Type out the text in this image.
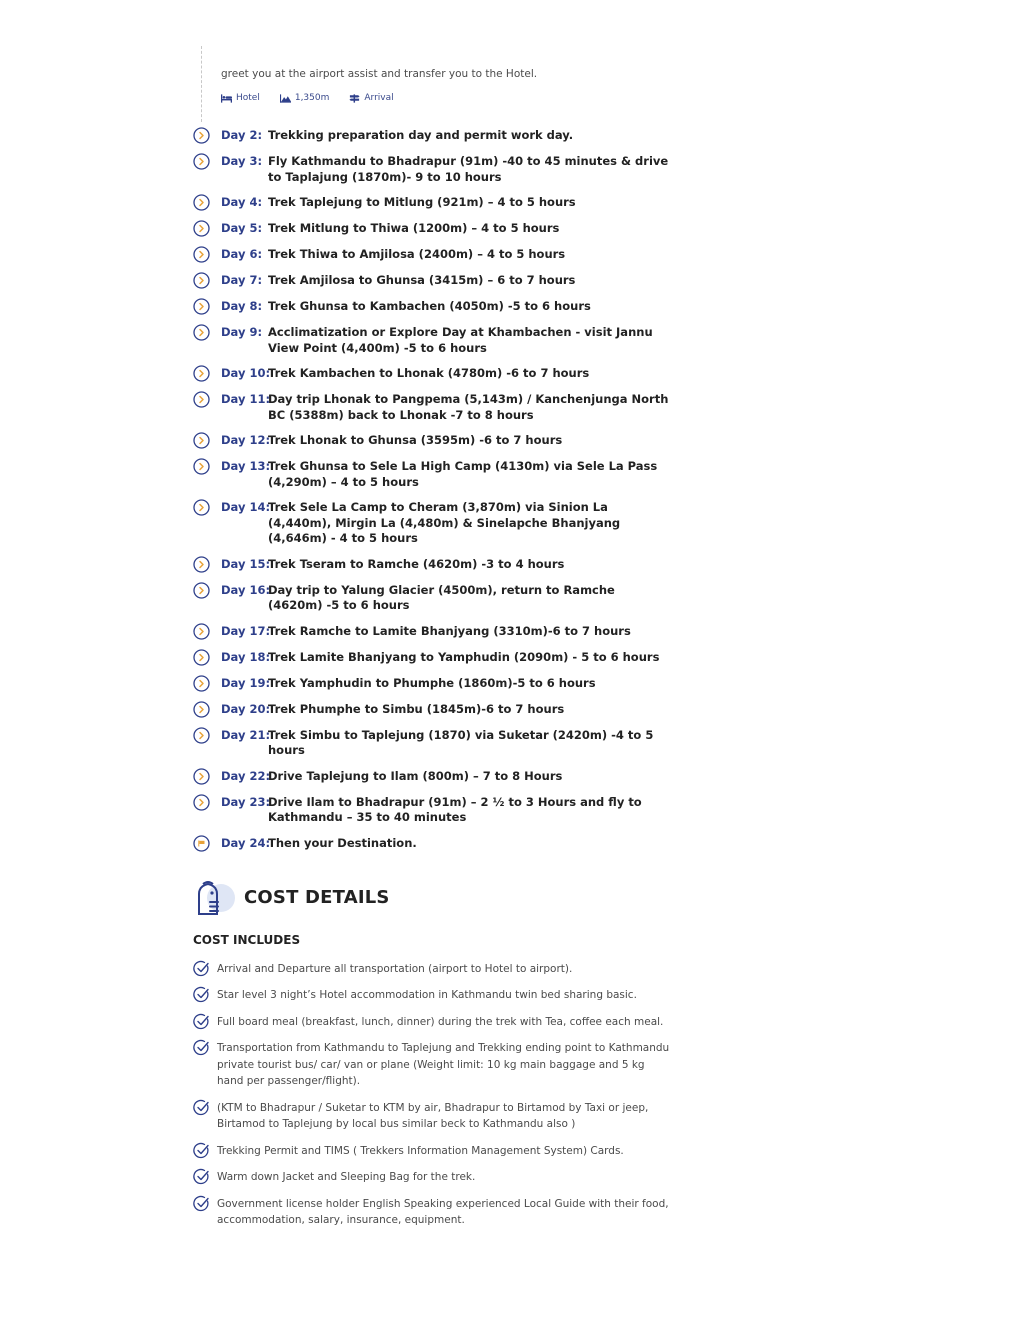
greet you at the airport assist and transfer you to the Hotel.
Hotel	1,350m	Arrival
Day 2: Trekking preparation day and permit work day.
Day 3: Fly Kathmandu to Bhadrapur (91m) -40 to 45 minutes & drive to Taplajung (1870m)- 9 to 10 hours
Day 4: Trek Taplejung to Mitlung (921m) – 4 to 5 hours
Day 5: Trek Mitlung to Thiwa (1200m) – 4 to 5 hours
Day 6: Trek Thiwa to Amjilosa (2400m) – 4 to 5 hours
Day 7: Trek Amjilosa to Ghunsa (3415m) – 6 to 7 hours
Day 8: Trek Ghunsa to Kambachen (4050m) -5 to 6 hours
Day 9: Acclimatization or Explore Day at Khambachen - visit Jannu View Point (4,400m) -5 to 6 hours
Day 10:
Trek Kambachen to Lhonak (4780m) -6 to 7 hours
Day 11:
Day trip Lhonak to Pangpema (5,143m) / Kanchenjunga North BC (5388m) back to Lhonak -7 to 8 hours
Day 12:
Trek Lhonak to Ghunsa (3595m) -6 to 7 hours
Day 13:
Trek Ghunsa to Sele La High Camp (4130m) via Sele La Pass (4,290m) – 4 to 5 hours
Day 14:
Trek Sele La Camp to Cheram (3,870m) via Sinion La (4,440m), Mirgin La (4,480m) & Sinelapche Bhanjyang (4,646m) - 4 to 5 hours
Day 15:
Trek Tseram to Ramche (4620m) -3 to 4 hours
Day 16:
Day trip to Yalung Glacier (4500m), return to Ramche (4620m) -5 to 6 hours
Day 17:
Trek Ramche to Lamite Bhanjyang (3310m)-6 to 7 hours
Day 18:
Trek Lamite Bhanjyang to Yamphudin (2090m) - 5 to 6 hours
Day 19:
Trek Yamphudin to Phumphe (1860m)-5 to 6 hours
Day 20:
Trek Phumphe to Simbu (1845m)-6 to 7 hours
Day 21:
Trek Simbu to Taplejung (1870) via Suketar (2420m) -4 to 5 hours
Day 22:
Drive Taplejung to Ilam (800m) – 7 to 8 Hours
Day 23:
Drive Ilam to Bhadrapur (91m) – 2 ½ to 3 Hours and fly to Kathmandu – 35 to 40 minutes
Day 24:
Then your Destination.
COST DETAILS
COST INCLUDES
Arrival and Departure all transportation (airport to Hotel to airport).
Star level 3 night’s Hotel accommodation in Kathmandu twin bed sharing basic.
Full board meal (breakfast, lunch, dinner) during the trek with Tea, coffee each meal.
Transportation from Kathmandu to Taplejung and Trekking ending point to Kathmandu private tourist bus/ car/ van or plane (Weight limit: 10 kg main baggage and 5 kg hand per passenger/flight).
(KTM to Bhadrapur / Suketar to KTM by air, Bhadrapur to Birtamod by Taxi or jeep, Birtamod to Taplejung by local bus similar beck to Kathmandu also )
Trekking Permit and TIMS ( Trekkers Information Management System) Cards.
Warm down Jacket and Sleeping Bag for the trek.
Government license holder English Speaking experienced Local Guide with their food, accommodation, salary, insurance, equipment.
